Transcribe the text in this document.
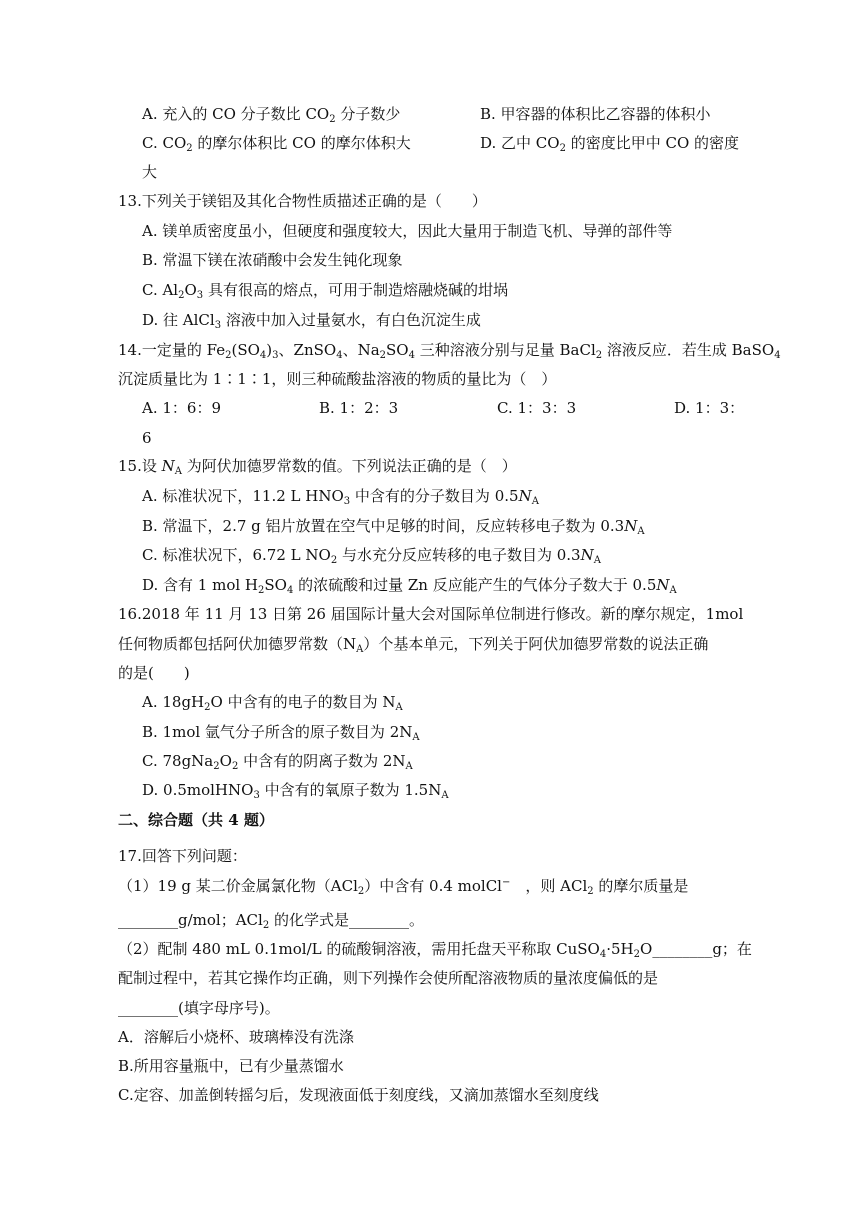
A. 充入的 CO 分子数比 $CO_2$ 分子数少	B. 甲容器的体积比乙容器的体积小
C. $CO_2$ 的摩尔体积比 CO 的摩尔体积大	D. 乙中 $CO_2$ 的密度比甲中 CO 的密度
大
13.下列关于镁铝及其化合物性质描述正确的是（　　）
A. 镁单质密度虽小，但硬度和强度较大，因此大量用于制造飞机、导弹的部件等
B. 常温下镁在浓硝酸中会发生钝化现象
C. $Al_2O_3$ 具有很高的熔点，可用于制造熔融烧碱的坩埚
D. 往 AlCl$_3$ 溶液中加入过量氨水，有白色沉淀生成
14.一定量的 $Fe_2(SO_4)_3$、ZnSO$_4$、$Na_2SO_4$ 三种溶液分别与足量 BaCl$_2$ 溶液反应．若生成 BaSO$_4$
沉淀质量比为 1∶1∶1，则三种硫酸盐溶液的物质的量比为（　）
A. 1：6：9	B. 1：2：3	C. 1：3：3	D. 1：3：
6
15.设 $N_A$ 为阿伏加德罗常数的值。下列说法正确的是（　）
A. 标准状况下，11.2 L $HNO_3$ 中含有的分子数目为 $0.5N_A$
B. 常温下，2.7 g 铝片放置在空气中足够的时间，反应转移电子数为 $0.3N_A$
C. 标准状况下，6.72 L $NO_2$ 与水充分反应转移的电子数目为 $0.3N_A$
D. 含有 1 mol $H_2SO_4$ 的浓硫酸和过量 Zn 反应能产生的气体分子数大于 $0.5N_A$
16.2018 年 11 月 13 日第 26 届国际计量大会对国际单位制进行修改。新的摩尔规定，1mol
任何物质都包括阿伏加德罗常数$(N_A)$个基本单元，下列关于阿伏加德罗常数的说法正确
的是(　　)
A. $18gH_2O$ 中含有的电子的数目为 $N_A$
B. 1mol 氩气分子所含的原子数目为 $2N_A$
C. $78gNa_2O_2$ 中含有的阴离子数为 $2N_A$
D. 0.5molHNO$_3$ 中含有的氧原子数为 $1.5N_A$
二、综合题（共 4 题）
17.回答下列问题：
（1）19 g 某二价金属氯化物（ACl$_2$）中含有 0.4 molCl−　，则 ACl$_2$ 的摩尔质量是
________g/mol；ACl$_2$ 的化学式是________。
（2）配制 480 mL 0.1mol/L 的硫酸铜溶液，需用托盘天平称取 $CuSO_4\cdot 5H_2O\_\_\_\_\_\_\_\_g$；在
配制过程中，若其它操作均正确，则下列操作会使所配溶液物质的量浓度偏低的是
________(填字母序号)。
A．溶解后小烧杯、玻璃棒没有洗涤
B.所用容量瓶中，已有少量蒸馏水
C.定容、加盖倒转摇匀后，发现液面低于刻度线，又滴加蒸馏水至刻度线
